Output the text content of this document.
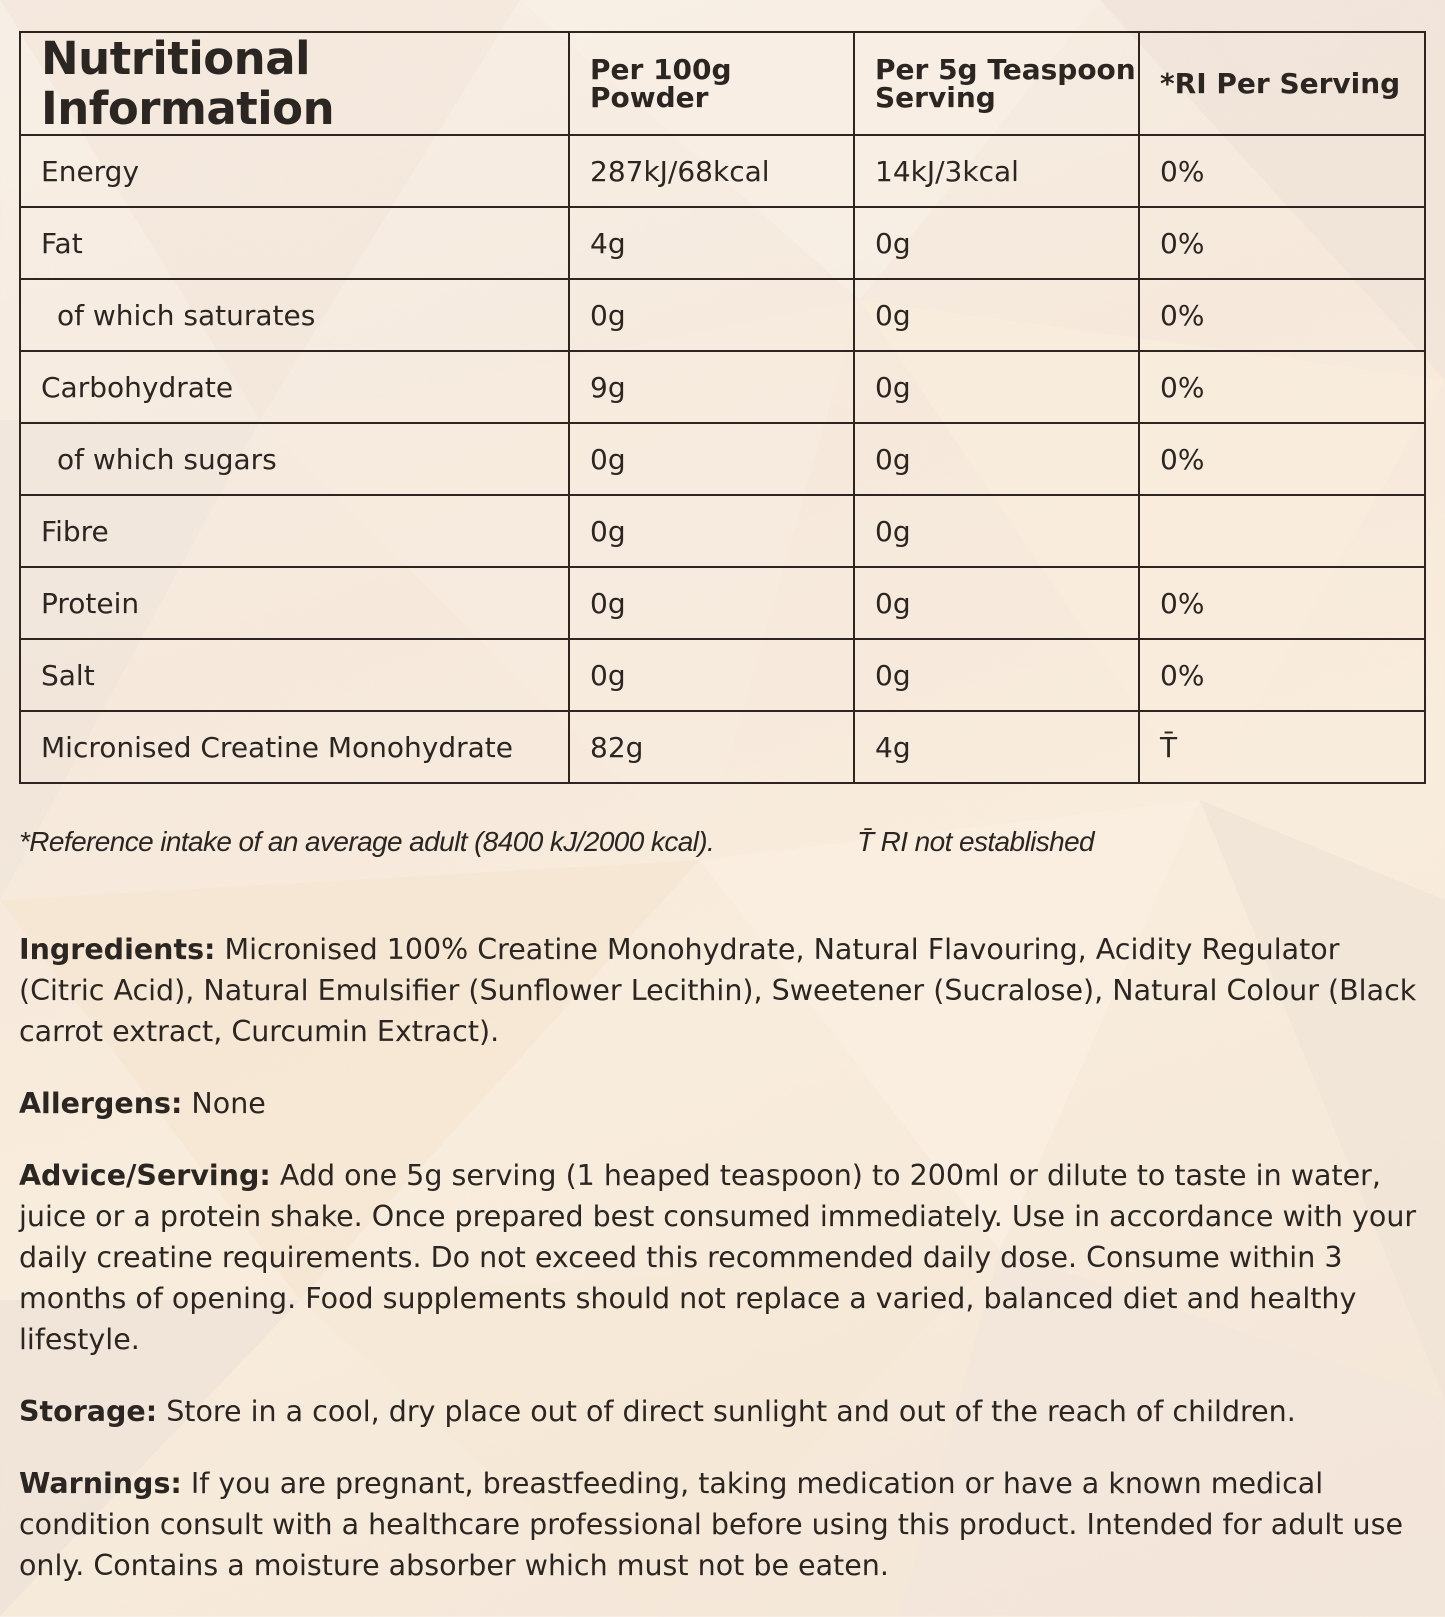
Nutritional Information	Per 100g Powder	Per 5g Teaspoon Serving	*RI Per Serving
Energy	287kJ/68kcal	14kJ/3kcal	0%
Fat	4g	0g	0%
of which saturates	0g	0g	0%
Carbohydrate	9g	0g	0%
of which sugars	0g	0g	0%
Fibre	0g	0g	
Protein	0g	0g	0%
Salt	0g	0g	0%
Micronised Creatine Monohydrate	82g	4g	T̄
*Reference intake of an average adult (8400 kJ/2000 kcal).	T̄ RI not established

Ingredients: Micronised 100% Creatine Monohydrate, Natural Flavouring, Acidity Regulator (Citric Acid), Natural Emulsifier (Sunflower Lecithin), Sweetener (Sucralose), Natural Colour (Black carrot extract, Curcumin Extract).

Allergens: None

Advice/Serving: Add one 5g serving (1 heaped teaspoon) to 200ml or dilute to taste in water, juice or a protein shake. Once prepared best consumed immediately. Use in accordance with your daily creatine requirements. Do not exceed this recommended daily dose. Consume within 3 months of opening. Food supplements should not replace a varied, balanced diet and healthy lifestyle.

Storage: Store in a cool, dry place out of direct sunlight and out of the reach of children.

Warnings: If you are pregnant, breastfeeding, taking medication or have a known medical condition consult with a healthcare professional before using this product. Intended for adult use only. Contains a moisture absorber which must not be eaten.
